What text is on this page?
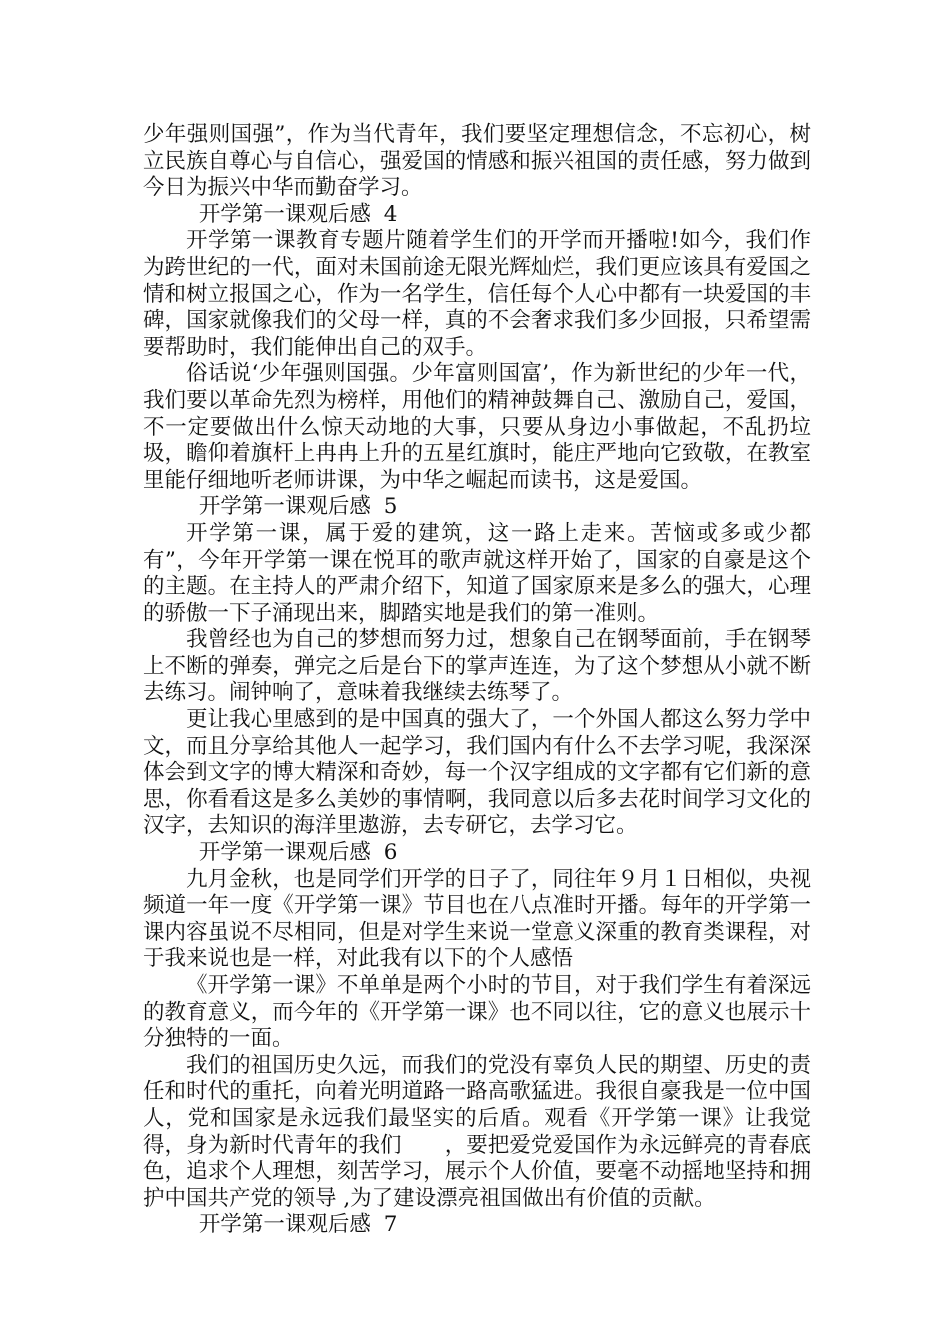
少年强则国强”，作为当代青年，我们要坚定理想信念，不忘初心，树立民族自尊心与自信心，强爱国的情感和振兴祖国的责任感，努力做到今日为振兴中华而勤奋学习。

开学第一课观后感 4

开学第一课教育专题片随着学生们的开学而开播啦!如今，我们作为跨世纪的一代，面对未国前途无限光辉灿烂，我们更应该具有爱国之情和树立报国之心，作为一名学生，信任每个人心中都有一块爱国的丰碑，国家就像我们的父母一样，真的不会奢求我们多少回报，只希望需要帮助时，我们能伸出自己的双手。

俗话说‘少年强则国强。少年富则国富’，作为新世纪的少年一代，我们要以革命先烈为榜样，用他们的精神鼓舞自己、激励自己，爱国，不一定要做出什么惊天动地的大事，只要从身边小事做起，不乱扔垃圾，瞻仰着旗杆上冉冉上升的五星红旗时，能庄严地向它致敬，在教室里能仔细地听老师讲课，为中华之崛起而读书，这是爱国。

开学第一课观后感 5

开学第一课，属于爱的建筑，这一路上走来。苦恼或多或少都有”，今年开学第一课在悦耳的歌声就这样开始了，国家的自豪是这个的主题。在主持人的严肃介绍下，知道了国家原来是多么的强大，心理的骄傲一下子涌现出来，脚踏实地是我们的第一准则。

我曾经也为自己的梦想而努力过，想象自己在钢琴面前，手在钢琴上不断的弹奏，弹完之后是台下的掌声连连，为了这个梦想从小就不断去练习。闹钟响了，意味着我继续去练琴了。

更让我心里感到的是中国真的强大了，一个外国人都这么努力学中文，而且分享给其他人一起学习，我们国内有什么不去学习呢，我深深体会到文字的博大精深和奇妙，每一个汉字组成的文字都有它们新的意思，你看看这是多么美妙的事情啊，我同意以后多去花时间学习文化的汉字，去知识的海洋里遨游，去专研它，去学习它。

开学第一课观后感 6

九月金秋，也是同学们开学的日子了，同往年９月１日相似，央视频道一年一度《开学第一课》节目也在八点准时开播。每年的开学第一课内容虽说不尽相同，但是对学生来说一堂意义深重的教育类课程，对于我来说也是一样，对此我有以下的个人感悟

《开学第一课》不单单是两个小时的节目，对于我们学生有着深远的教育意义，而今年的《开学第一课》也不同以往，它的意义也展示十分独特的一面。

我们的祖国历史久远，而我们的党没有辜负人民的期望、历史的责任和时代的重托，向着光明道路一路高歌猛进。我很自豪我是一位中国人，党和国家是永远我们最坚实的后盾。观看《开学第一课》让我觉得，身为新时代青年的我们　　，要把爱党爱国作为永远鲜亮的青春底色，追求个人理想，刻苦学习，展示个人价值，要毫不动摇地坚持和拥护中国共产党的领导 ,为了建设漂亮祖国做出有价值的贡献。

开学第一课观后感 7
